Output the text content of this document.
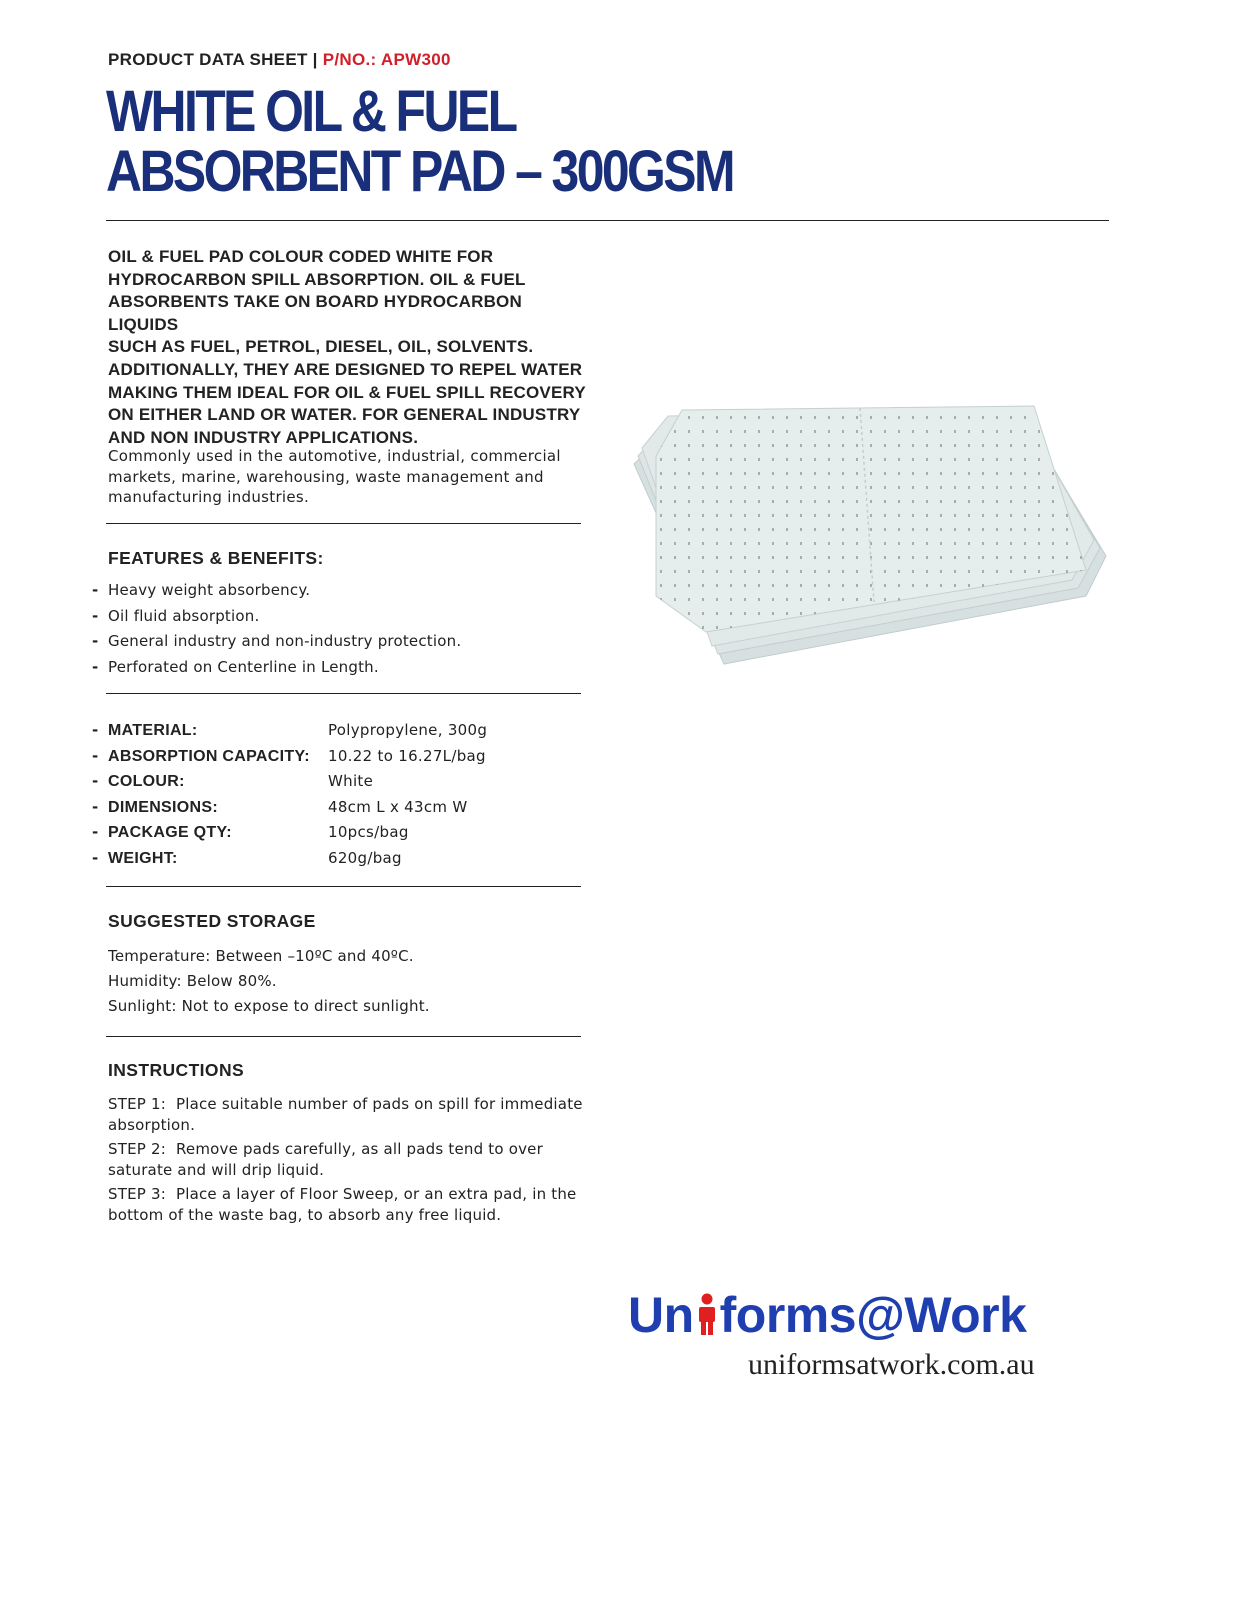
PRODUCT DATA SHEET | P/NO.: APW300
WHITE OIL & FUEL
ABSORBENT PAD – 300GSM
OIL & FUEL PAD COLOUR CODED WHITE FOR
HYDROCARBON SPILL ABSORPTION. OIL & FUEL
ABSORBENTS TAKE ON BOARD HYDROCARBON LIQUIDS
SUCH AS FUEL, PETROL, DIESEL, OIL, SOLVENTS.
ADDITIONALLY, THEY ARE DESIGNED TO REPEL WATER
MAKING THEM IDEAL FOR OIL & FUEL SPILL RECOVERY
ON EITHER LAND OR WATER. FOR GENERAL INDUSTRY
AND NON INDUSTRY APPLICATIONS.
Commonly used in the automotive, industrial, commercial
markets, marine, warehousing, waste management and
manufacturing industries.
FEATURES & BENEFITS:
- Heavy weight absorbency.
- Oil fluid absorption.
- General industry and non-industry protection.
- Perforated on Centerline in Length.
- MATERIAL:	Polypropylene, 300g
- ABSORPTION CAPACITY:	10.22 to 16.27L/bag
- COLOUR:	White
- DIMENSIONS:	48cm L x 43cm W
- PACKAGE QTY:	10pcs/bag
- WEIGHT:	620g/bag
SUGGESTED STORAGE
Temperature: Between –10ºC and 40ºC.
Humidity: Below 80%.
Sunlight: Not to expose to direct sunlight.
INSTRUCTIONS
STEP 1: Place suitable number of pads on spill for immediate absorption.
STEP 2: Remove pads carefully, as all pads tend to over saturate and will drip liquid.
STEP 3: Place a layer of Floor Sweep, or an extra pad, in the bottom of the waste bag, to absorb any free liquid.
Un forms@Work
uniformsatwork.com.au
